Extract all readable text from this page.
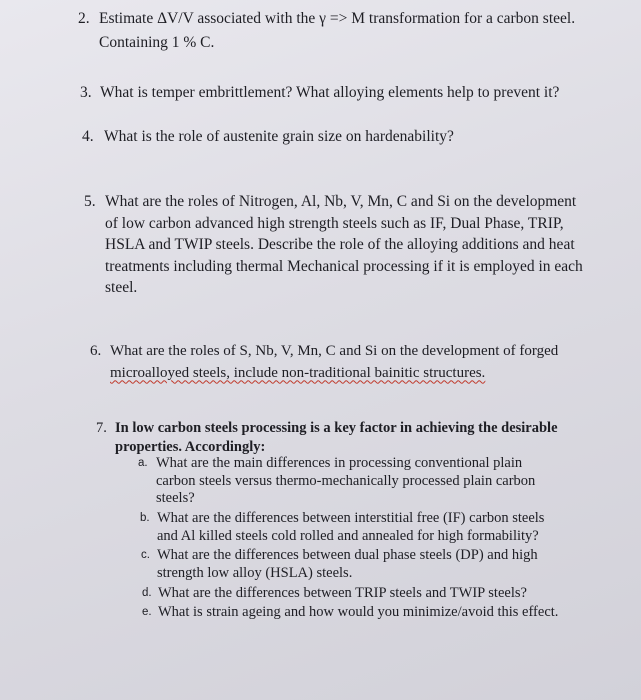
2. Estimate ΔV/V associated with the γ => M transformation for a carbon steel.
Containing 1 % C.
3. What is temper embrittlement? What alloying elements help to prevent it?
4. What is the role of austenite grain size on hardenability?
5. What are the roles of Nitrogen, Al, Nb, V, Mn, C and Si on the development
of low carbon advanced high strength steels such as IF, Dual Phase, TRIP,
HSLA and TWIP steels. Describe the role of the alloying additions and heat
treatments including thermal Mechanical processing if it is employed in each
steel.
6. What are the roles of S, Nb, V, Mn, C and Si on the development of forged
microalloyed steels, include non-traditional bainitic structures.
7. In low carbon steels processing is a key factor in achieving the desirable
properties. Accordingly:
a. What are the main differences in processing conventional plain
carbon steels versus thermo-mechanically processed plain carbon
steels?
b. What are the differences between interstitial free (IF) carbon steels
and Al killed steels cold rolled and annealed for high formability?
c. What are the differences between dual phase steels (DP) and high
strength low alloy (HSLA) steels.
d. What are the differences between TRIP steels and TWIP steels?
e. What is strain ageing and how would you minimize/avoid this effect.
